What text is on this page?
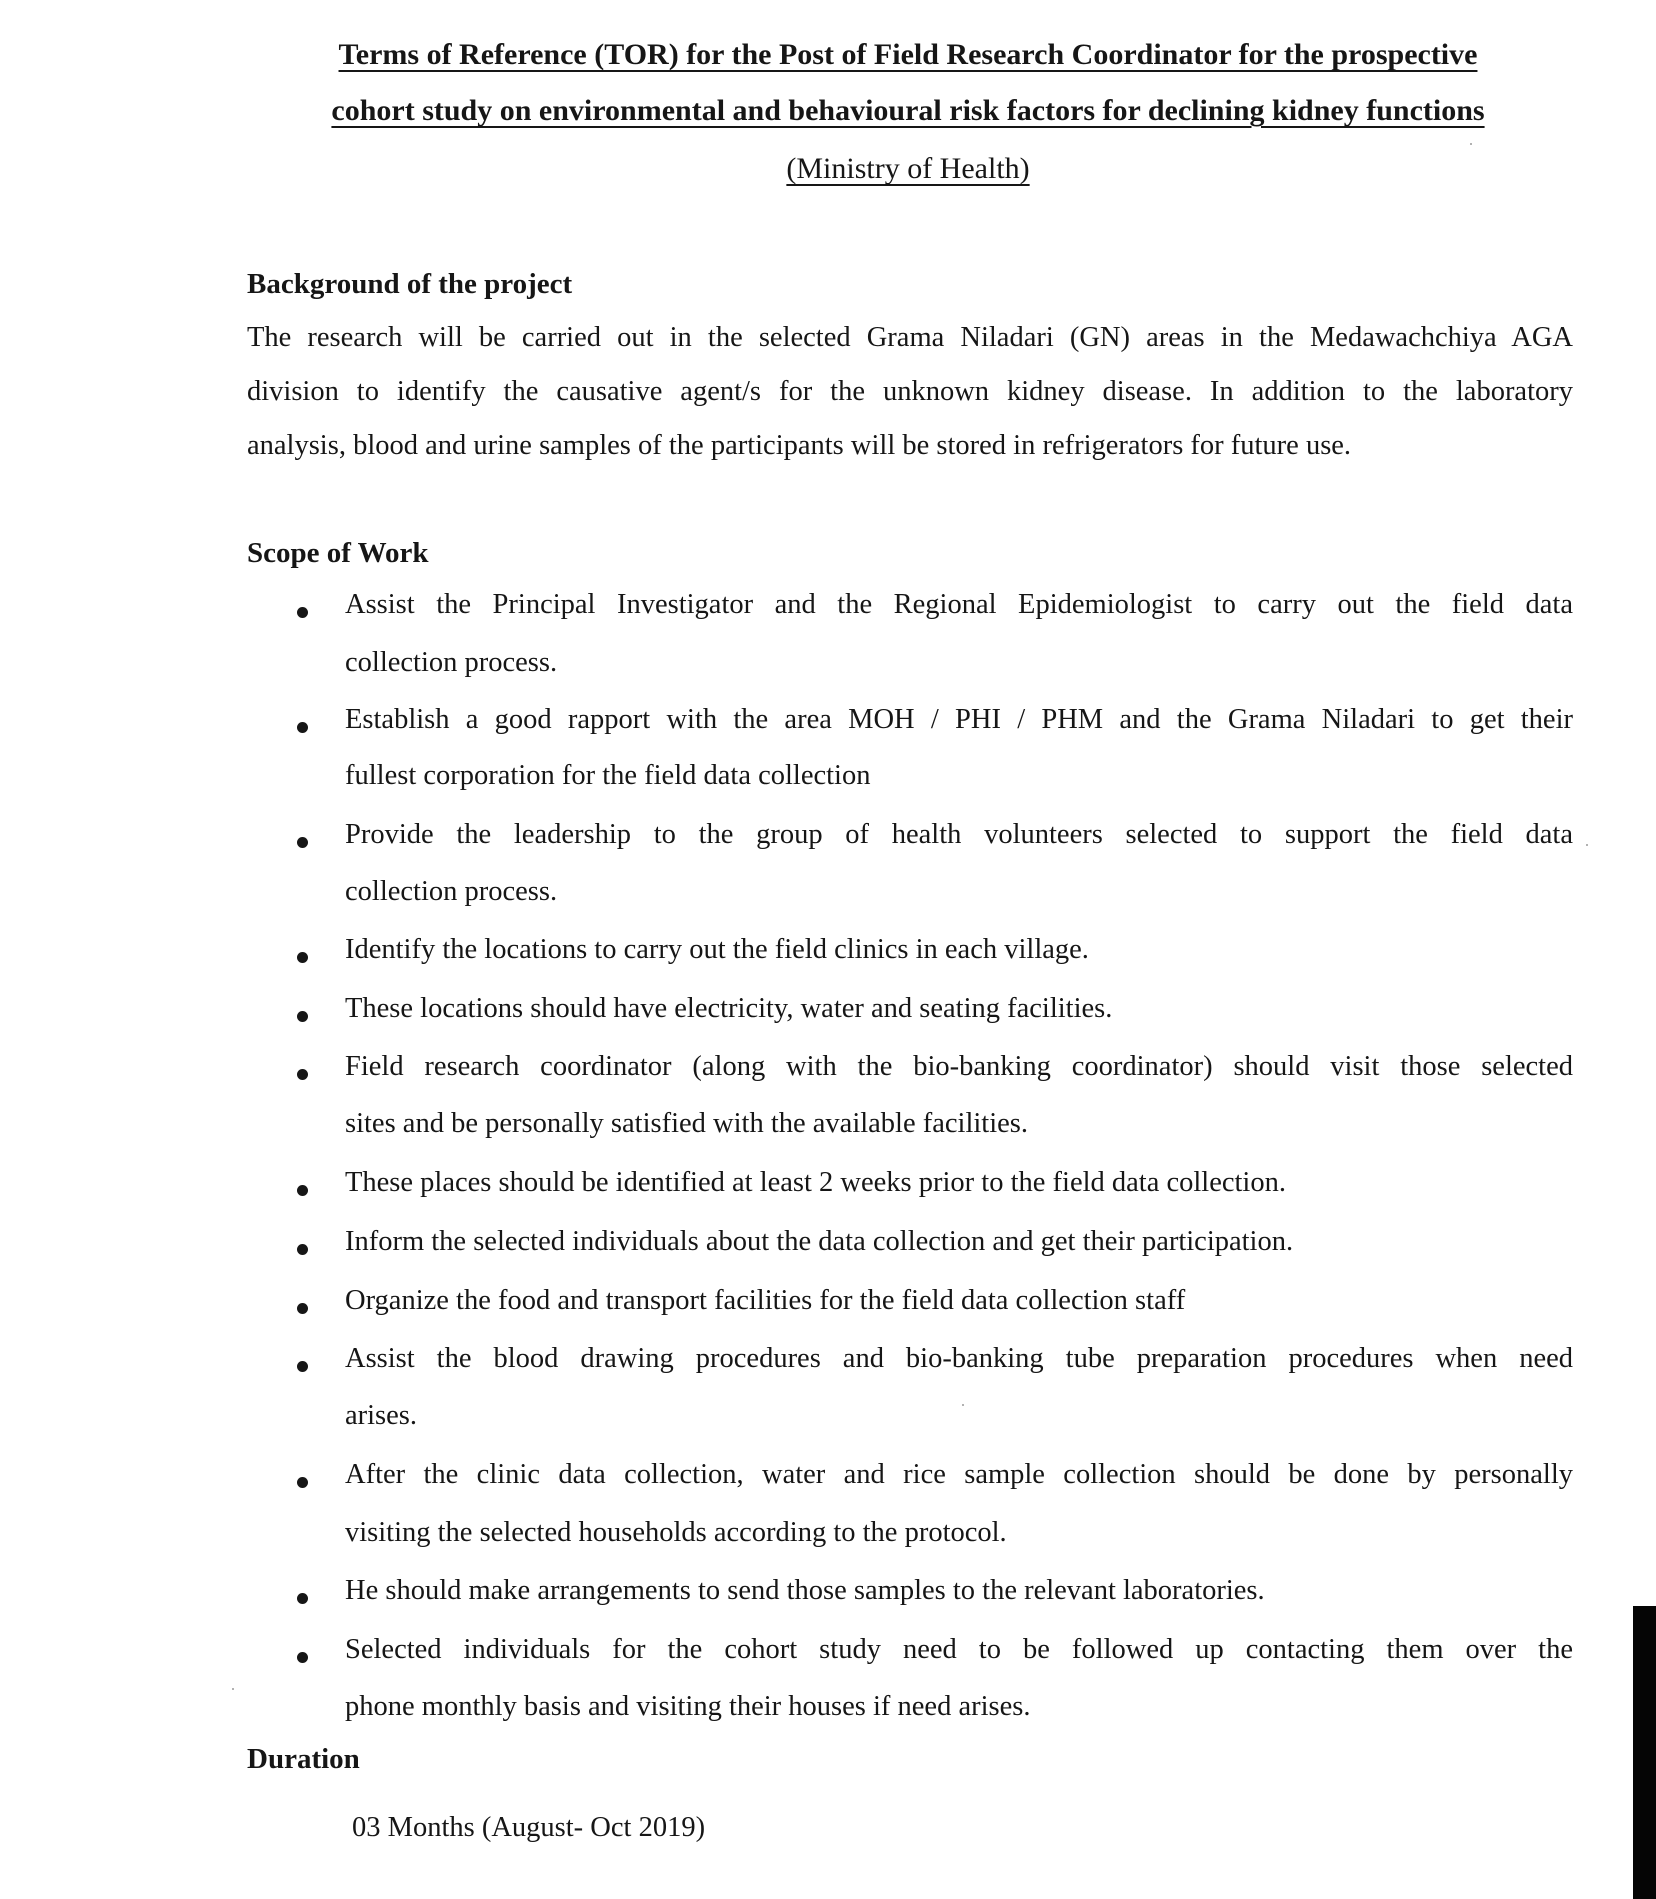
Terms of Reference (TOR) for the Post of Field Research Coordinator for the prospective
cohort study on environmental and behavioural risk factors for declining kidney functions
(Ministry of Health)
Background of the project
The research will be carried out in the selected Grama Niladari (GN) areas in the Medawachchiya AGA
division to identify the causative agent/s for the unknown kidney disease. In addition to the laboratory
analysis, blood and urine samples of the participants will be stored in refrigerators for future use.
Scope of Work
Assist the Principal Investigator and the Regional Epidemiologist to carry out the field data
collection process.
Establish a good rapport with the area MOH / PHI / PHM and the Grama Niladari to get their
fullest corporation for the field data collection
Provide the leadership to the group of health volunteers selected to support the field data
collection process.
Identify the locations to carry out the field clinics in each village.
These locations should have electricity, water and seating facilities.
Field research coordinator (along with the bio-banking coordinator) should visit those selected
sites and be personally satisfied with the available facilities.
These places should be identified at least 2 weeks prior to the field data collection.
Inform the selected individuals about the data collection and get their participation.
Organize the food and transport facilities for the field data collection staff
Assist the blood drawing procedures and bio-banking tube preparation procedures when need
arises.
After the clinic data collection, water and rice sample collection should be done by personally
visiting the selected households according to the protocol.
He should make arrangements to send those samples to the relevant laboratories.
Selected individuals for the cohort study need to be followed up contacting them over the
phone monthly basis and visiting their houses if need arises.
Duration
03 Months (August- Oct 2019)
